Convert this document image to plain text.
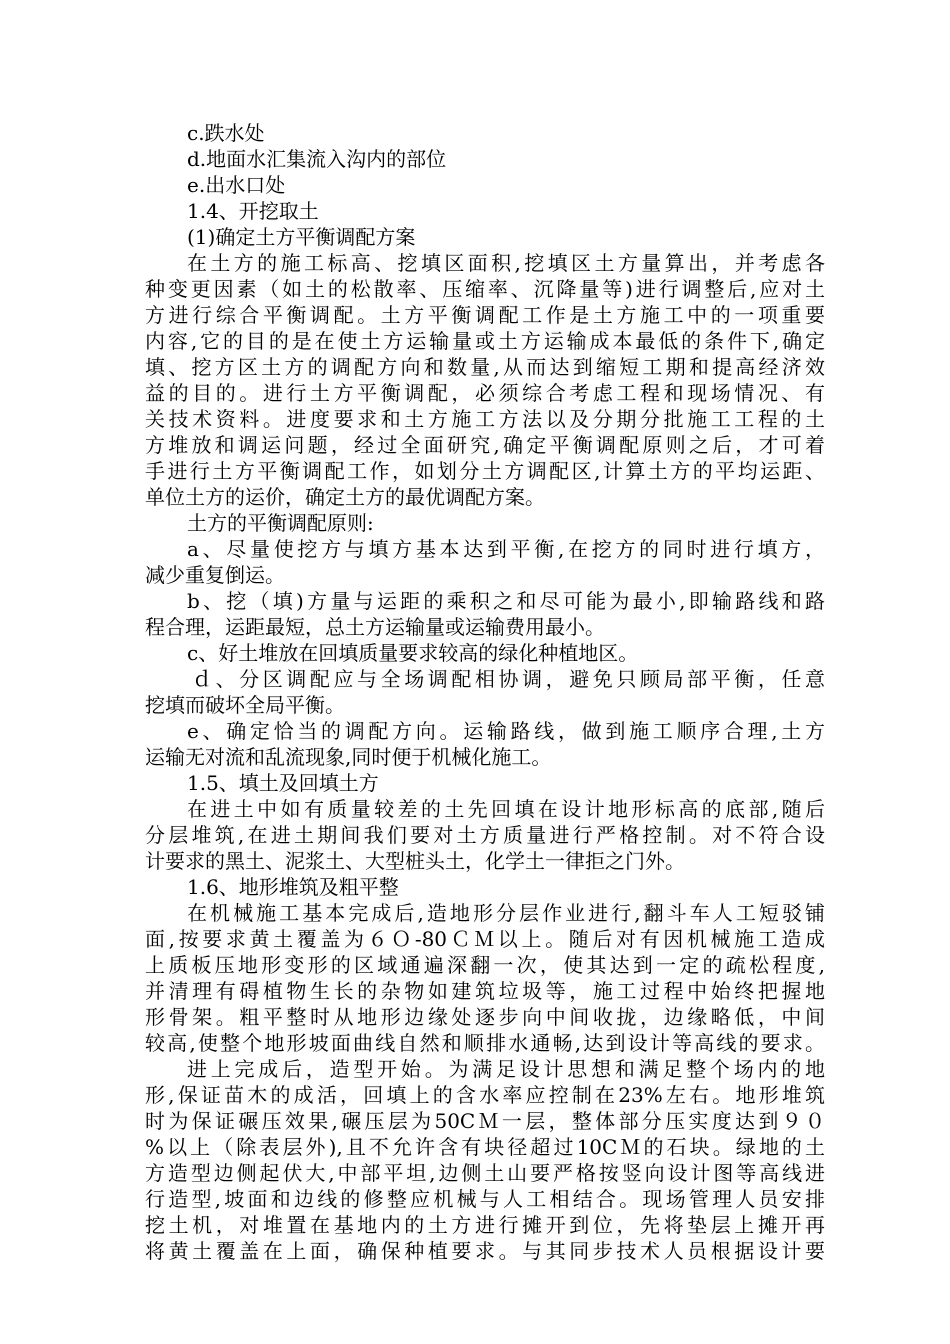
c.跌水处
d.地面水汇集流入沟内的部位
e.出水口处
1.4、开挖取土
(1)确定土方平衡调配方案
在土方的施工标高、挖填区面积,挖填区土方量算出，并考虑各
种变更因素（如土的松散率、压缩率、沉降量等)进行调整后,应对土
方进行综合平衡调配。土方平衡调配工作是土方施工中的一项重要
内容,它的目的是在使土方运输量或土方运输成本最低的条件下,确定
填、挖方区土方的调配方向和数量,从而达到缩短工期和提高经济效
益的目的。进行土方平衡调配，必须综合考虑工程和现场情况、有
关技术资料。进度要求和土方施工方法以及分期分批施工工程的土
方堆放和调运问题，经过全面研究,确定平衡调配原则之后，才可着
手进行土方平衡调配工作，如划分土方调配区,计算土方的平均运距、
单位土方的运价，确定土方的最优调配方案。
土方的平衡调配原则:
a、尽量使挖方与填方基本达到平衡,在挖方的同时进行填方，
减少重复倒运。
b、挖（填)方量与运距的乘积之和尽可能为最小,即输路线和路
程合理，运距最短，总土方运输量或运输费用最小。
c、好土堆放在回填质量要求较高的绿化种植地区。
ｄ、分区调配应与全场调配相协调，避免只顾局部平衡，任意
挖填而破坏全局平衡。
e、确定恰当的调配方向。运输路线，做到施工顺序合理,土方
运输无对流和乱流现象,同时便于机械化施工。
1.5、填土及回填土方
在进土中如有质量较差的土先回填在设计地形标高的底部,随后
分层堆筑,在进土期间我们要对土方质量进行严格控制。对不符合设
计要求的黑土、泥浆土、大型桩头土，化学土一律拒之门外。
1.6、地形堆筑及粗平整
在机械施工基本完成后,造地形分层作业进行,翻斗车人工短驳铺
面,按要求黄土覆盖为６Ｏ-80ＣＭ以上。随后对有因机械施工造成
上质板压地形变形的区域通遍深翻一次，使其达到一定的疏松程度,
并清理有碍植物生长的杂物如建筑垃圾等，施工过程中始终把握地
形骨架。粗平整时从地形边缘处逐步向中间收拢，边缘略低，中间
较高,使整个地形坡面曲线自然和顺排水通畅,达到设计等高线的要求。
进上完成后，造型开始。为满足设计思想和满足整个场内的地
形,保证苗木的成活，回填上的含水率应控制在23%左右。地形堆筑
时为保证碾压效果,碾压层为50CＭ一层，整体部分压实度达到９０
%以上（除表层外),且不允许含有块径超过10CＭ的石块。绿地的土
方造型边侧起伏大,中部平坦,边侧土山要严格按竖向设计图等高线进
行造型,坡面和边线的修整应机械与人工相结合。现场管理人员安排
挖土机，对堆置在基地内的土方进行摊开到位，先将垫层上摊开再
将黄土覆盖在上面，确保种植要求。与其同步技术人员根据设计要
